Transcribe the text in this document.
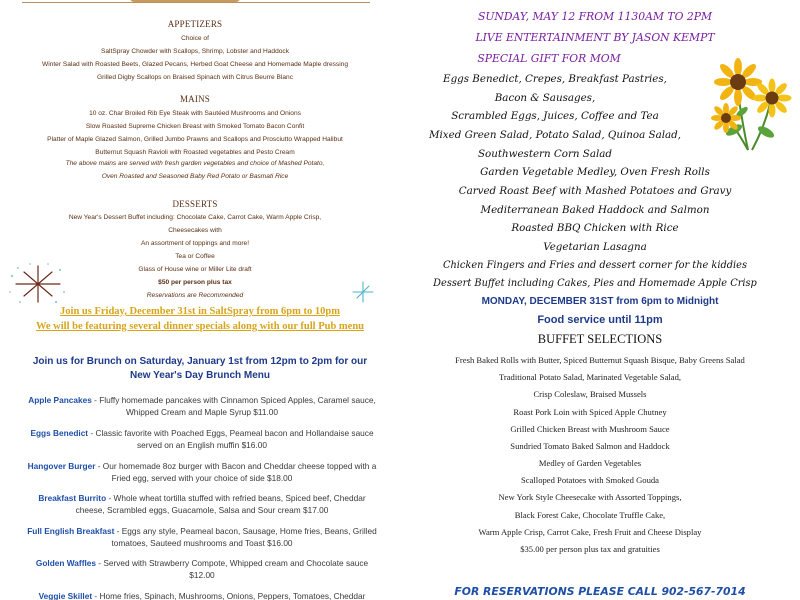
APPETIZERS
Choice of
SaltSpray Chowder with Scallops, Shrimp, Lobster and Haddock
Winter Salad with Roasted Beets, Glazed Pecans, Herbed Goat Cheese and Homemade Maple dressing
Grilled Digby Scallops on Braised Spinach with Citrus Beurre Blanc
MAINS
10 oz. Char Broiled Rib Eye Steak with Sautéed Mushrooms and Onions
Slow Roasted Supreme Chicken Breast with Smoked Tomato Bacon Confit
Platter of Maple Glazed Salmon, Grilled Jumbo Prawns and Scallops and Prosciutto Wrapped Halibut
Butternut Squash Ravioli with Roasted vegetables and Pesto Cream
The above mains are served with fresh garden vegetables and choice of Mashed Potato,
Oven Roasted and Seasoned Baby Red Potato or Basmati Rice
DESSERTS
New Year's Dessert Buffet including: Chocolate Cake, Carrot Cake, Warm Apple Crisp,
Cheesecakes with
An assortment of toppings and more!
Tea or Coffee
Glass of House wine or Miller Lite draft
$50 per person plus tax
Reservations are Recommended
Join us Friday, December 31st in SaltSpray from 6pm to 10pm
We will be featuring several dinner specials along with our full Pub menu
Join us for Brunch on Saturday, January 1st from 12pm to 2pm for our
New Year's Day Brunch Menu
Apple Pancakes - Fluffy homemade pancakes with Cinnamon Spiced Apples, Caramel sauce,
Whipped Cream and Maple Syrup $11.00
Eggs Benedict - Classic favorite with Poached Eggs, Peameal bacon and Hollandaise sauce
served on an English muffin $16.00
Hangover Burger - Our homemade 8oz burger with Bacon and Cheddar cheese topped with a
Fried egg, served with your choice of side $18.00
Breakfast Burrito - Whole wheat tortilla stuffed with refried beans, Spiced beef, Cheddar
cheese, Scrambled eggs, Guacamole, Salsa and Sour cream $17.00
Full English Breakfast - Eggs any style, Peameal bacon, Sausage, Home fries, Beans, Grilled
tomatoes, Sauteed mushrooms and Toast $16.00
Golden Waffles - Served with Strawberry Compote, Whipped cream and Chocolate sauce
$12.00
Veggie Skillet - Home fries, Spinach, Mushrooms, Onions, Peppers, Tomatoes, Cheddar
SUNDAY, MAY 12 FROM 1130AM TO 2PM
LIVE ENTERTAINMENT BY JASON KEMPT
SPECIAL GIFT FOR MOM
Eggs Benedict, Crepes, Breakfast Pastries,
Bacon & Sausages,
Scrambled Eggs, Juices, Coffee and Tea
Mixed Green Salad, Potato Salad, Quinoa Salad,
Southwestern Corn Salad
Garden Vegetable Medley, Oven Fresh Rolls
Carved Roast Beef with Mashed Potatoes and Gravy
Mediterranean Baked Haddock and Salmon
Roasted BBQ Chicken with Rice
Vegetarian Lasagna
Chicken Fingers and Fries and dessert corner for the kiddies
Dessert Buffet including Cakes, Pies and Homemade Apple Crisp
MONDAY, DECEMBER 31ST from 6pm to Midnight
Food service until 11pm
BUFFET SELECTIONS
Fresh Baked Rolls with Butter, Spiced Butternut Squash Bisque, Baby Greens Salad
Traditional Potato Salad, Marinated Vegetable Salad,
Crisp Coleslaw, Braised Mussels
Roast Pork Loin with Spiced Apple Chutney
Grilled Chicken Breast with Mushroom Sauce
Sundried Tomato Baked Salmon and Haddock
Medley of Garden Vegetables
Scalloped Potatoes with Smoked Gouda
New York Style Cheesecake with Assorted Toppings,
Black Forest Cake, Chocolate Truffle Cake,
Warm Apple Crisp, Carrot Cake, Fresh Fruit and Cheese Display
$35.00 per person plus tax and gratuities
FOR RESERVATIONS PLEASE CALL 902-567-7014
